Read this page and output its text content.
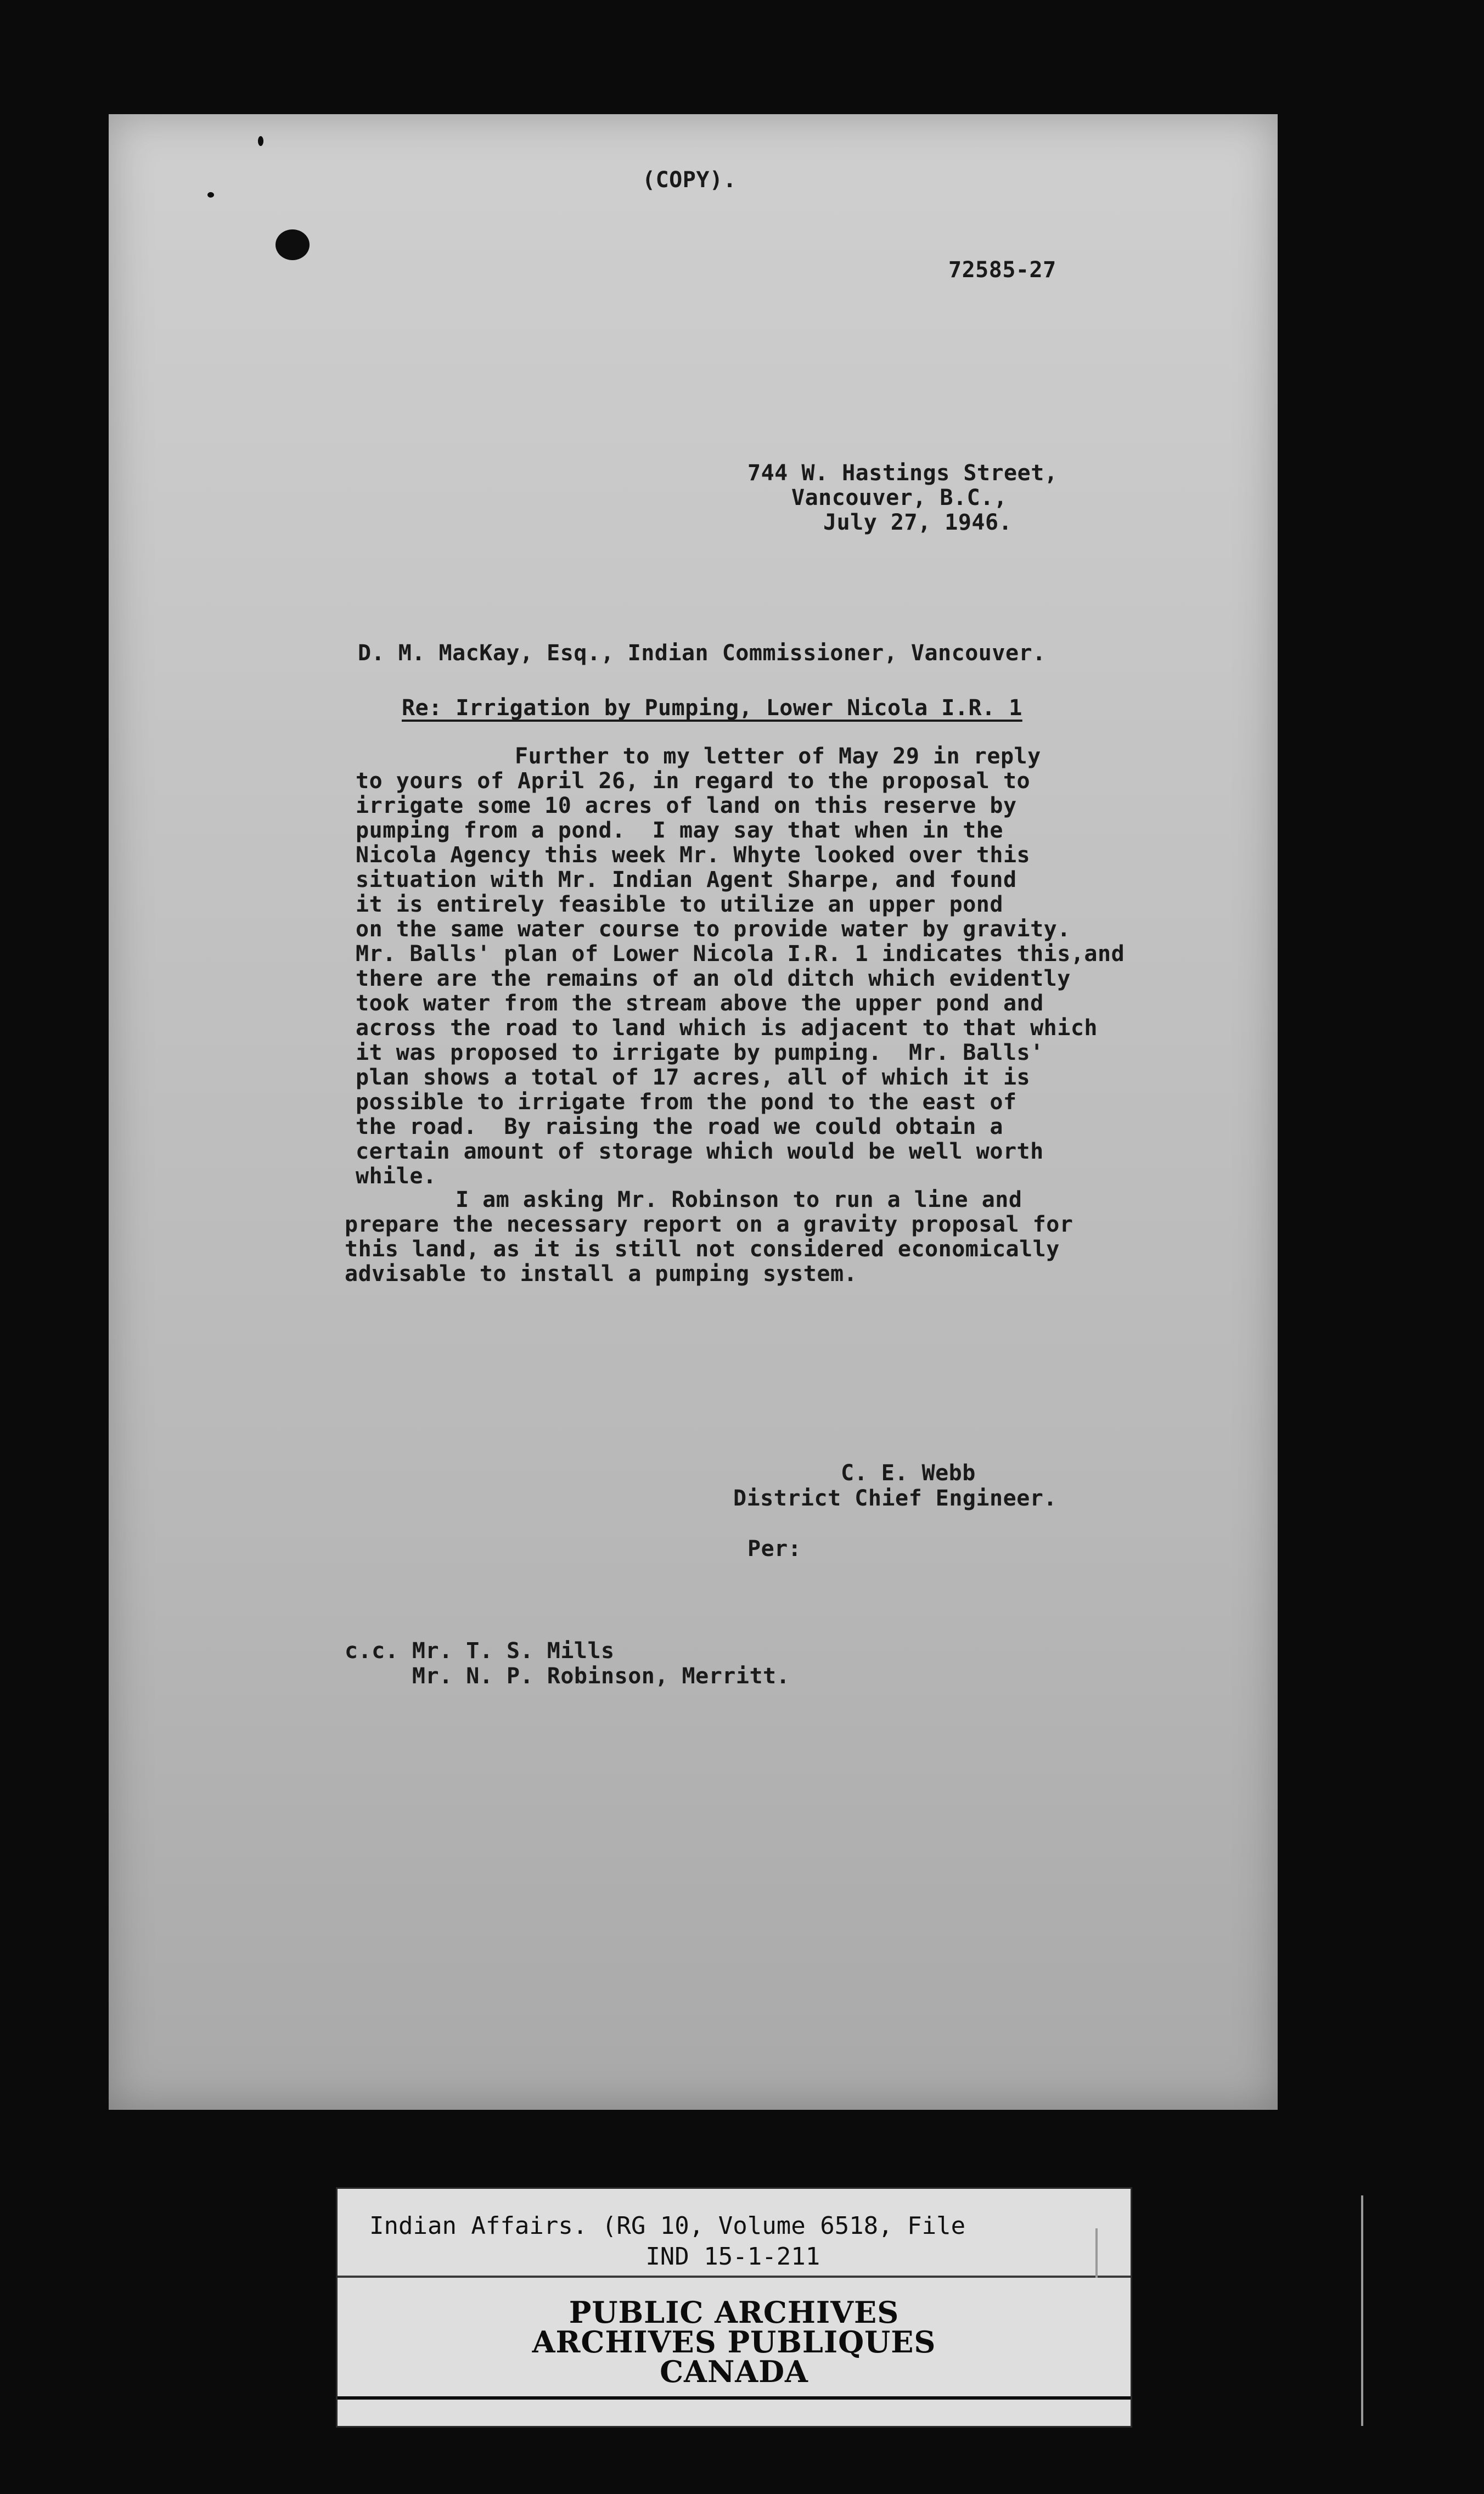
(COPY).
72585-27
744 W. Hastings Street,
Vancouver, B.C.,
July 27, 1946.
D. M. MacKay, Esq., Indian Commissioner, Vancouver.
Re: Irrigation by Pumping, Lower Nicola I.R. 1
Further to my letter of May 29 in reply
to yours of April 26, in regard to the proposal to
irrigate some 10 acres of land on this reserve by
pumping from a pond.  I may say that when in the
Nicola Agency this week Mr. Whyte looked over this
situation with Mr. Indian Agent Sharpe, and found
it is entirely feasible to utilize an upper pond
on the same water course to provide water by gravity.
Mr. Balls' plan of Lower Nicola I.R. 1 indicates this,and
there are the remains of an old ditch which evidently
took water from the stream above the upper pond and
across the road to land which is adjacent to that which
it was proposed to irrigate by pumping.  Mr. Balls'
plan shows a total of 17 acres, all of which it is
possible to irrigate from the pond to the east of
the road.  By raising the road we could obtain a
certain amount of storage which would be well worth
while.
I am asking Mr. Robinson to run a line and
prepare the necessary report on a gravity proposal for
this land, as it is still not considered economically
advisable to install a pumping system.
C. E. Webb
District Chief Engineer.
Per:
c.c. Mr. T. S. Mills
Mr. N. P. Robinson, Merritt.
Indian Affairs. (RG 10, Volume 6518, File
IND 15-1-211
PUBLIC ARCHIVES
ARCHIVES PUBLIQUES
CANADA
